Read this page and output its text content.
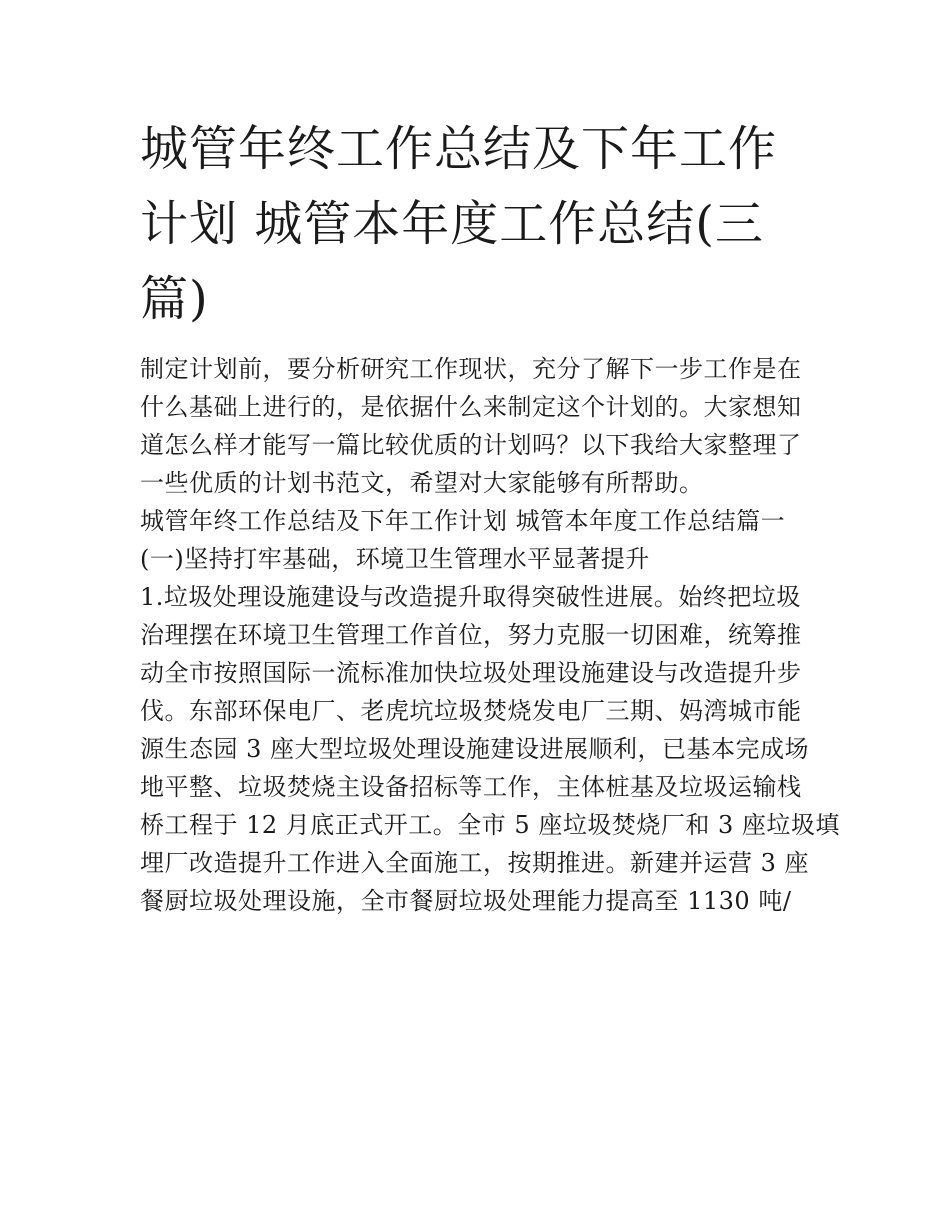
城管年终工作总结及下年工作
计划 城管本年度工作总结(三
篇)

制定计划前，要分析研究工作现状，充分了解下一步工作是在
什么基础上进行的，是依据什么来制定这个计划的。大家想知
道怎么样才能写一篇比较优质的计划吗？以下我给大家整理了
一些优质的计划书范文，希望对大家能够有所帮助。

城管年终工作总结及下年工作计划 城管本年度工作总结篇一

(一)坚持打牢基础，环境卫生管理水平显著提升

1.垃圾处理设施建设与改造提升取得突破性进展。始终把垃圾
治理摆在环境卫生管理工作首位，努力克服一切困难，统筹推
动全市按照国际一流标准加快垃圾处理设施建设与改造提升步
伐。东部环保电厂、老虎坑垃圾焚烧发电厂三期、妈湾城市能
源生态园 3 座大型垃圾处理设施建设进展顺利，已基本完成场
地平整、垃圾焚烧主设备招标等工作，主体桩基及垃圾运输栈
桥工程于 12 月底正式开工。全市 5 座垃圾焚烧厂和 3 座垃圾填
埋厂改造提升工作进入全面施工，按期推进。新建并运营 3 座
餐厨垃圾处理设施，全市餐厨垃圾处理能力提高至 1130 吨/
